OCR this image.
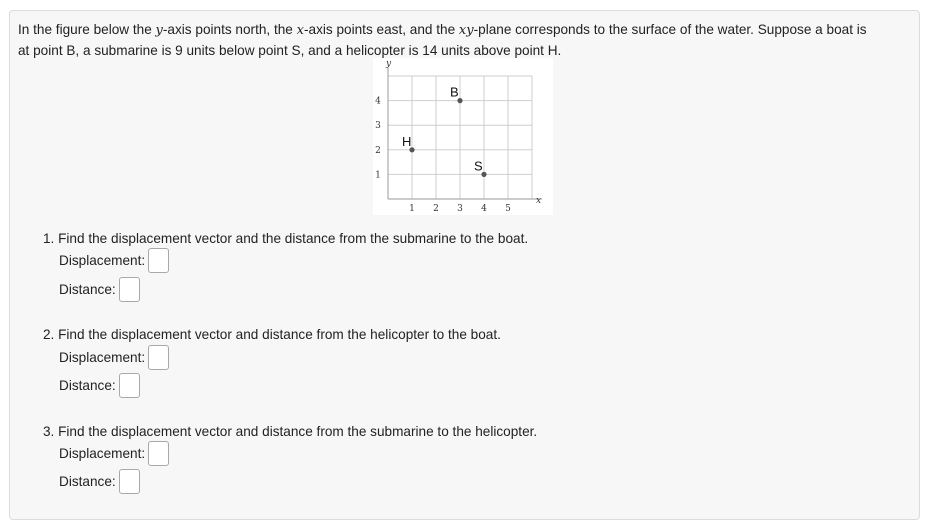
In the figure below the y-axis points north, the x-axis points east, and the xy-plane corresponds to the surface of the water. Suppose a boat is
at point B, a submarine is 9 units below point S, and a helicopter is 14 units above point H.
1 2 3 4 5
1
2
3
4
x
y
B
H
S
1. Find the displacement vector and the distance from the submarine to the boat.
Displacement:
Distance:
2. Find the displacement vector and distance from the helicopter to the boat.
Displacement:
Distance:
3. Find the displacement vector and distance from the submarine to the helicopter.
Displacement:
Distance:
